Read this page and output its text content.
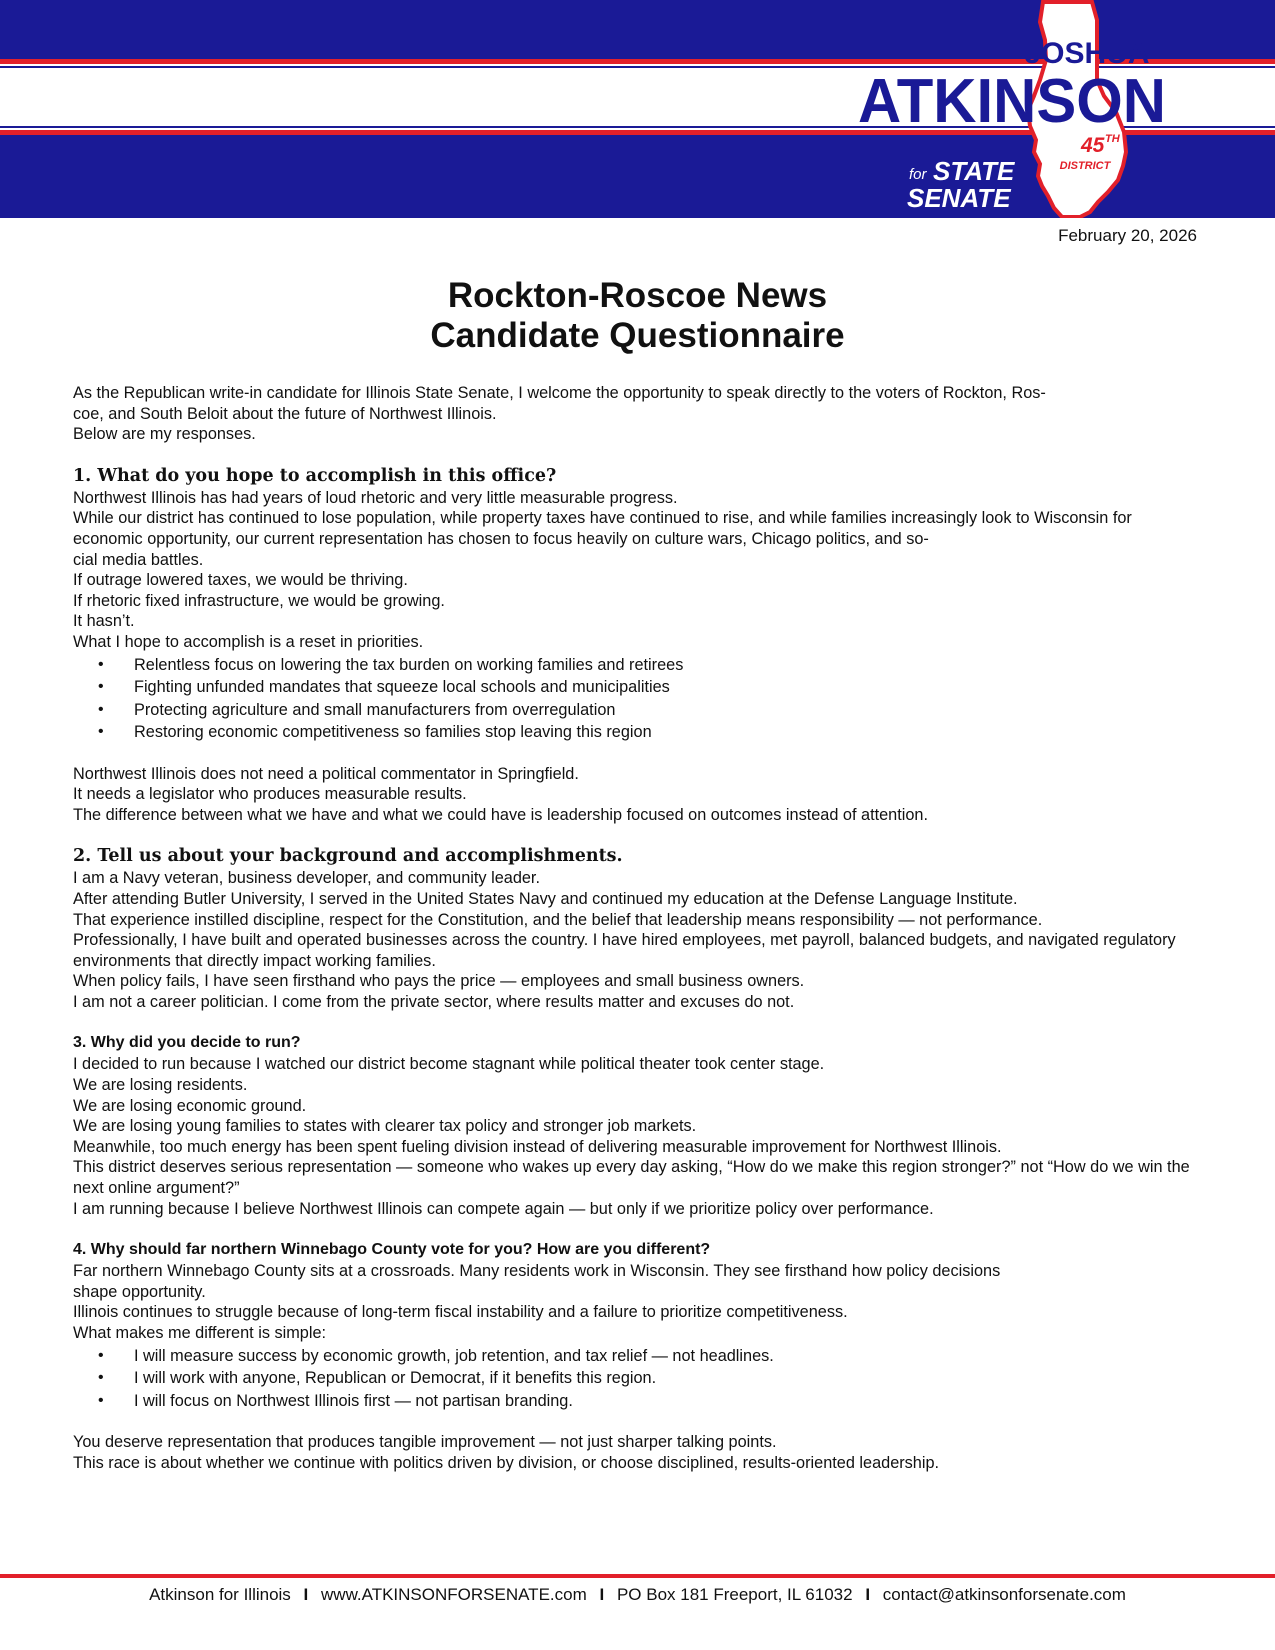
JOSHUA
ATKINSON
45 TH
DISTRICT
for STATE
SENATE
February 20, 2026
Rockton-Roscoe News
Candidate Questionnaire

As the Republican write-in candidate for Illinois State Senate, I welcome the opportunity to speak directly to the voters of Rockton, Ros-
coe, and South Beloit about the future of Northwest Illinois.

Below are my responses.

1. What do you hope to accomplish in this office?

Northwest Illinois has had years of loud rhetoric and very little measurable progress.

While our district has continued to lose population, while property taxes have continued to rise, and while families increasingly look to Wisconsin for economic opportunity, our current representation has chosen to focus heavily on culture wars, Chicago politics, and so-
cial media battles.

If outrage lowered taxes, we would be thriving.

If rhetoric fixed infrastructure, we would be growing.

It hasn’t.

What I hope to accomplish is a reset in priorities.

• Relentless focus on lowering the tax burden on working families and retirees
• Fighting unfunded mandates that squeeze local schools and municipalities
• Protecting agriculture and small manufacturers from overregulation
• Restoring economic competitiveness so families stop leaving this region

Northwest Illinois does not need a political commentator in Springfield.

It needs a legislator who produces measurable results.

The difference between what we have and what we could have is leadership focused on outcomes instead of attention.

2. Tell us about your background and accomplishments.

I am a Navy veteran, business developer, and community leader.

After attending Butler University, I served in the United States Navy and continued my education at the Defense Language Institute.

That experience instilled discipline, respect for the Constitution, and the belief that leadership means responsibility — not performance.

Professionally, I have built and operated businesses across the country. I have hired employees, met payroll, balanced budgets, and navigated regulatory environments that directly impact working families.

When policy fails, I have seen firsthand who pays the price — employees and small business owners.

I am not a career politician. I come from the private sector, where results matter and excuses do not.

3. Why did you decide to run?

I decided to run because I watched our district become stagnant while political theater took center stage.

We are losing residents.

We are losing economic ground.

We are losing young families to states with clearer tax policy and stronger job markets.

Meanwhile, too much energy has been spent fueling division instead of delivering measurable improvement for Northwest Illinois.

This district deserves serious representation — someone who wakes up every day asking, “How do we make this region stronger?” not “How do we win the next online argument?”

I am running because I believe Northwest Illinois can compete again — but only if we prioritize policy over performance.

4. Why should far northern Winnebago County vote for you? How are you different?

Far northern Winnebago County sits at a crossroads. Many residents work in Wisconsin. They see firsthand how policy decisions
shape opportunity.

Illinois continues to struggle because of long-term fiscal instability and a failure to prioritize competitiveness.

What makes me different is simple:

• I will measure success by economic growth, job retention, and tax relief — not headlines.
• I will work with anyone, Republican or Democrat, if it benefits this region.
• I will focus on Northwest Illinois first — not partisan branding.

You deserve representation that produces tangible improvement — not just sharper talking points.

This race is about whether we continue with politics driven by division, or choose disciplined, results-oriented leadership.

Atkinson for Illinois I www.ATKINSONFORSENATE.com I PO Box 181 Freeport, IL 61032 I contact@atkinsonforsenate.com
